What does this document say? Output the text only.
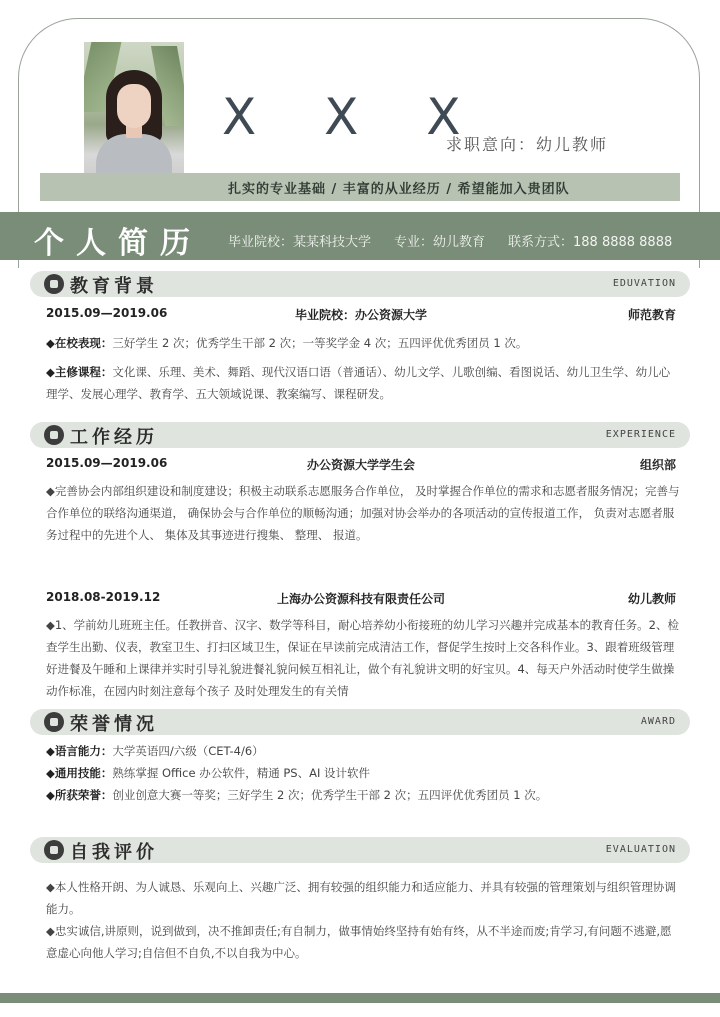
X X X
求职意向：幼儿教师
扎实的专业基础 / 丰富的从业经历 / 希望能加入贵团队
个人简历 毕业院校：某某科技大学 专业：幼儿教育 联系方式：188 8888 8888
教育背景	EDUVATION
2015.09—2019.06	毕业院校：办公资源大学	师范教育
◆在校表现：三好学生 2 次；优秀学生干部 2 次；一等奖学金 4 次；五四评优优秀团员 1 次。
◆主修课程：文化课、乐理、美术、舞蹈、现代汉语口语（普通话）、幼儿文学、儿歌创编、看图说话、幼儿卫生学、幼儿心理学、发展心理学、教育学、五大领域说课、教案编写、课程研发。
工作经历	EXPERIENCE
2015.09—2019.06	办公资源大学学生会	组织部
◆完善协会内部组织建设和制度建设；积极主动联系志愿服务合作单位， 及时掌握合作单位的需求和志愿者服务情况；完善与合作单位的联络沟通渠道， 确保协会与合作单位的顺畅沟通；加强对协会举办的各项活动的宣传报道工作， 负责对志愿者服务过程中的先进个人、 集体及其事迹进行搜集、 整理、 报道。
2018.08-2019.12	上海办公资源科技有限责任公司	幼儿教师
◆1、学前幼儿班班主任。任教拼音、汉字、数学等科目，耐心培养幼小衔接班的幼儿学习兴趣并完成基本的教育任务。2、检查学生出勤、仪表，教室卫生、打扫区域卫生，保证在早读前完成清洁工作，督促学生按时上交各科作业。3、跟着班级管理好进餐及午睡和上课律并实时引导礼貌进餐礼貌问候互相礼让，做个有礼貌讲文明的好宝贝。4、每天户外活动时使学生做操动作标准，在园内时刻注意每个孩子 及时处理发生的有关情
荣誉情况	AWARD
◆语言能力：大学英语四/六级（CET-4/6）
◆通用技能：熟练掌握 Office 办公软件，精通 PS、AI 设计软件
◆所获荣誉：创业创意大赛一等奖；三好学生 2 次；优秀学生干部 2 次；五四评优优秀团员 1 次。
自我评价	EVALUATION
◆本人性格开朗、为人诚恳、乐观向上、兴趣广泛、拥有较强的组织能力和适应能力、并具有较强的管理策划与组织管理协调能力。
◆忠实诚信,讲原则，说到做到，决不推卸责任;有自制力，做事情始终坚持有始有终，从不半途而废;肯学习,有问题不逃避,愿意虚心向他人学习;自信但不自负,不以自我为中心。
